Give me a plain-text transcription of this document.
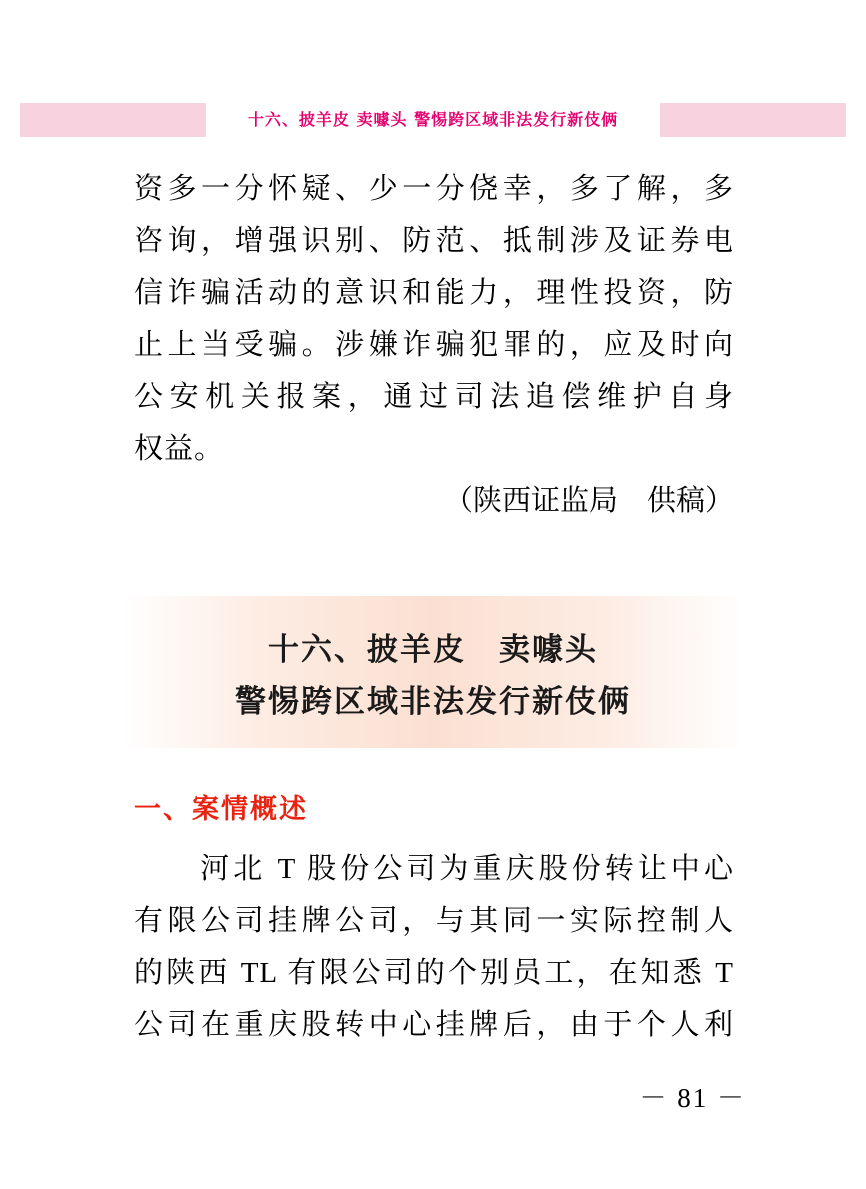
十六、披羊皮 卖噱头 警惕跨区域非法发行新伎俩
资多一分怀疑、少一分侥幸，多了解，多
咨询，增强识别、防范、抵制涉及证券电
信诈骗活动的意识和能力，理性投资，防
止上当受骗。涉嫌诈骗犯罪的，应及时向
公安机关报案，通过司法追偿维护自身
权益。
（陕西证监局　供稿）
十六、披羊皮　卖噱头
警惕跨区域非法发行新伎俩
一、案情概述
　　河北 T 股份公司为重庆股份转让中心
有限公司挂牌公司，与其同一实际控制人
的陕西 TL 有限公司的个别员工，在知悉 T
公司在重庆股转中心挂牌后，由于个人利
－ 81 －
